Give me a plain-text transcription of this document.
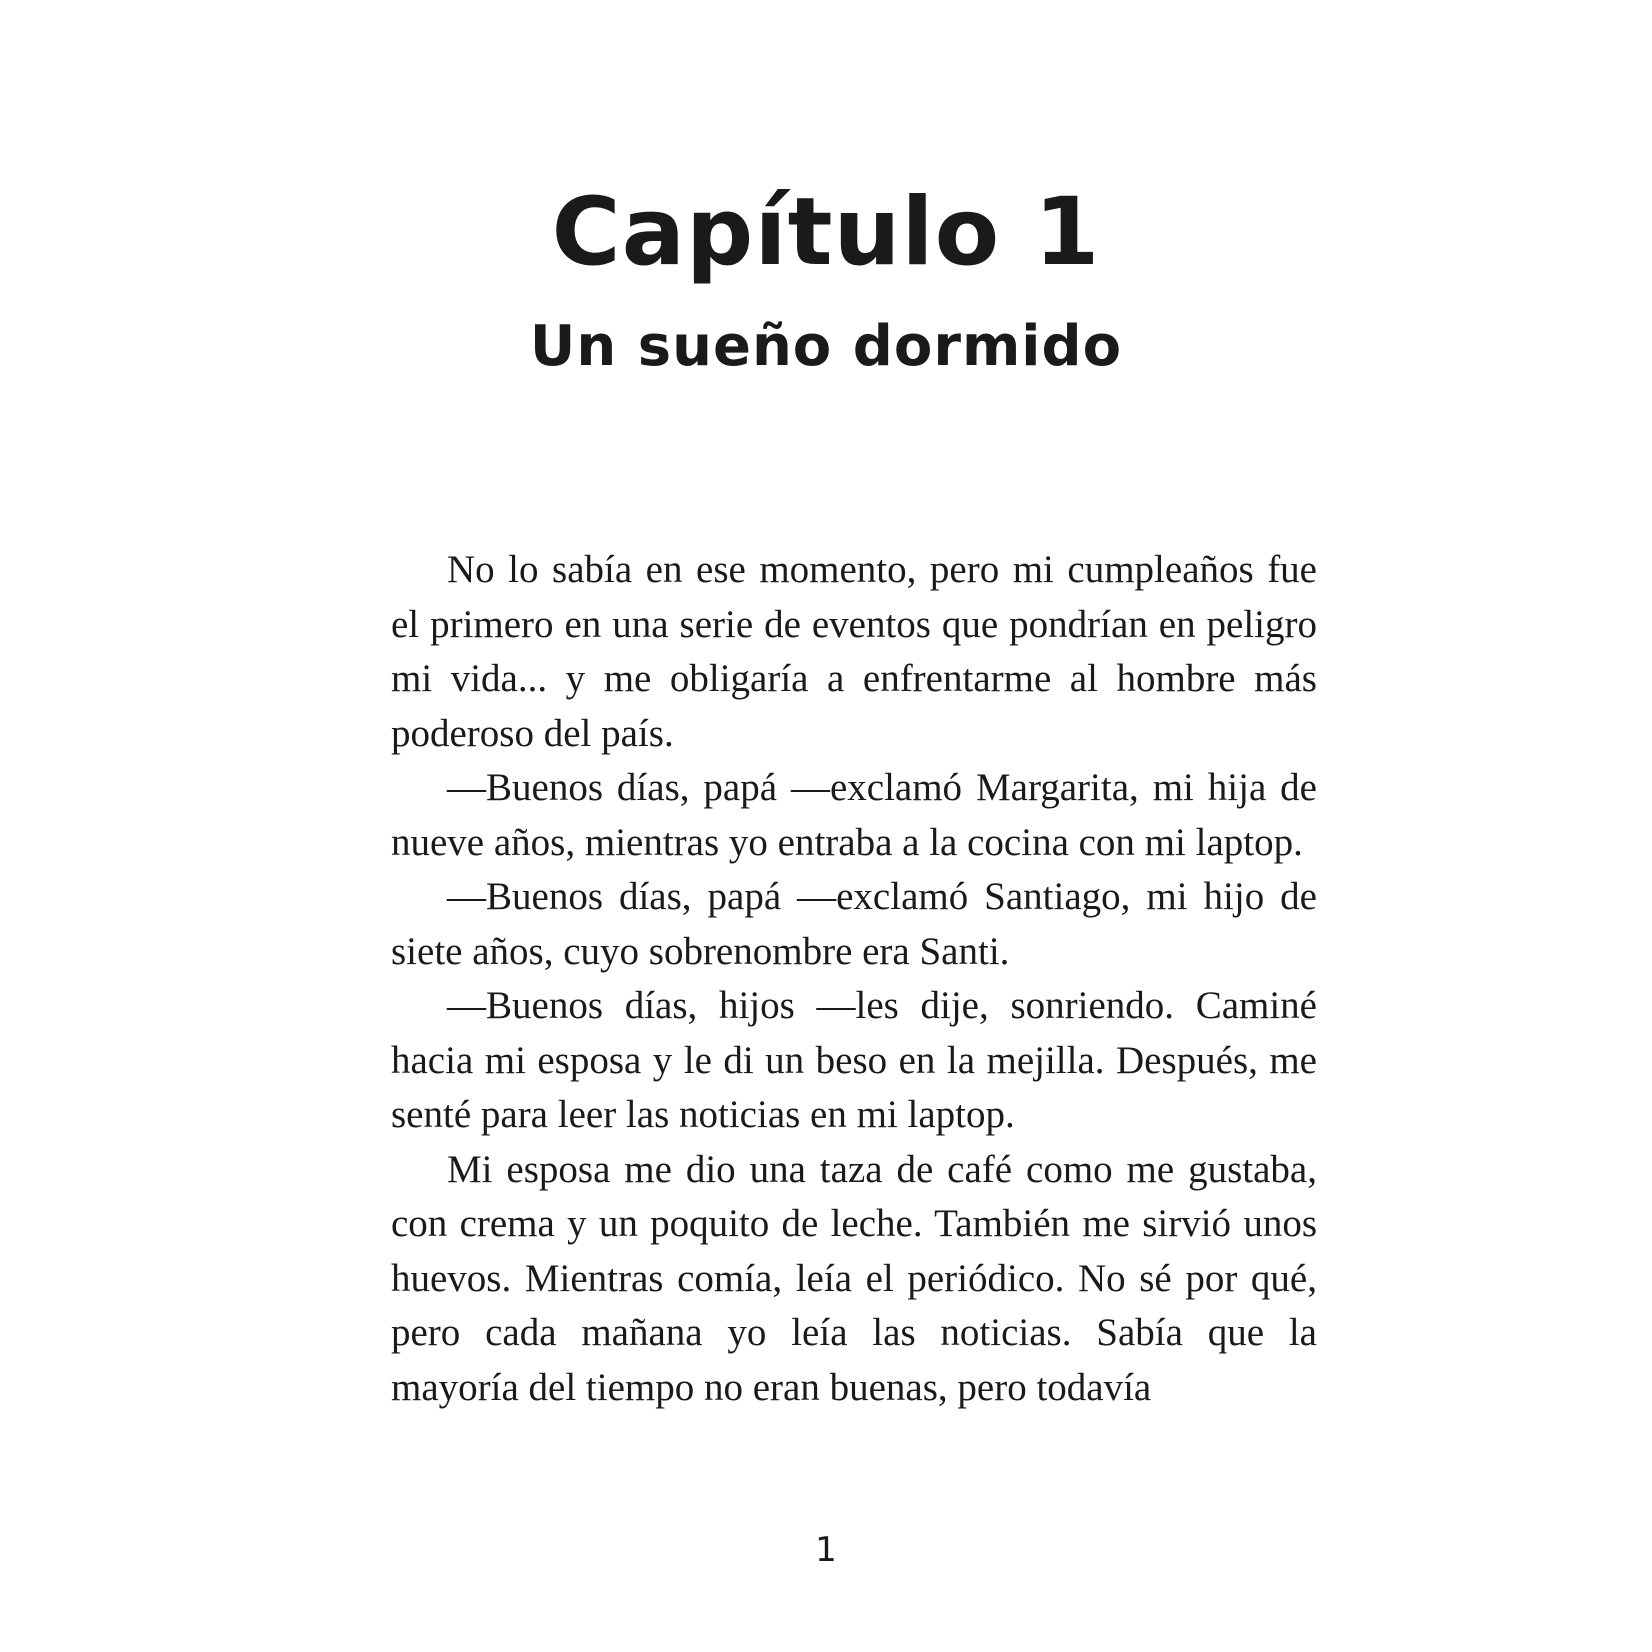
Capítulo 1
Un sueño dormido

No lo sabía en ese momento, pero mi cumpleaños fue el primero en una serie de eventos que pondrían en peligro mi vida... y me obligaría a enfrentarme al hombre más poderoso del país.

—Buenos días, papá —exclamó Margarita, mi hija de nueve años, mientras yo entraba a la cocina con mi laptop.

—Buenos días, papá —exclamó Santiago, mi hijo de siete años, cuyo sobrenombre era Santi.

—Buenos días, hijos —les dije, sonriendo. Caminé hacia mi esposa y le di un beso en la mejilla. Después, me senté para leer las noticias en mi laptop.

Mi esposa me dio una taza de café como me gustaba, con crema y un poquito de leche. También me sirvió unos huevos. Mientras comía, leía el periódico. No sé por qué, pero cada mañana yo leía las noticias. Sabía que la mayoría del tiempo no eran buenas, pero todavía

1
